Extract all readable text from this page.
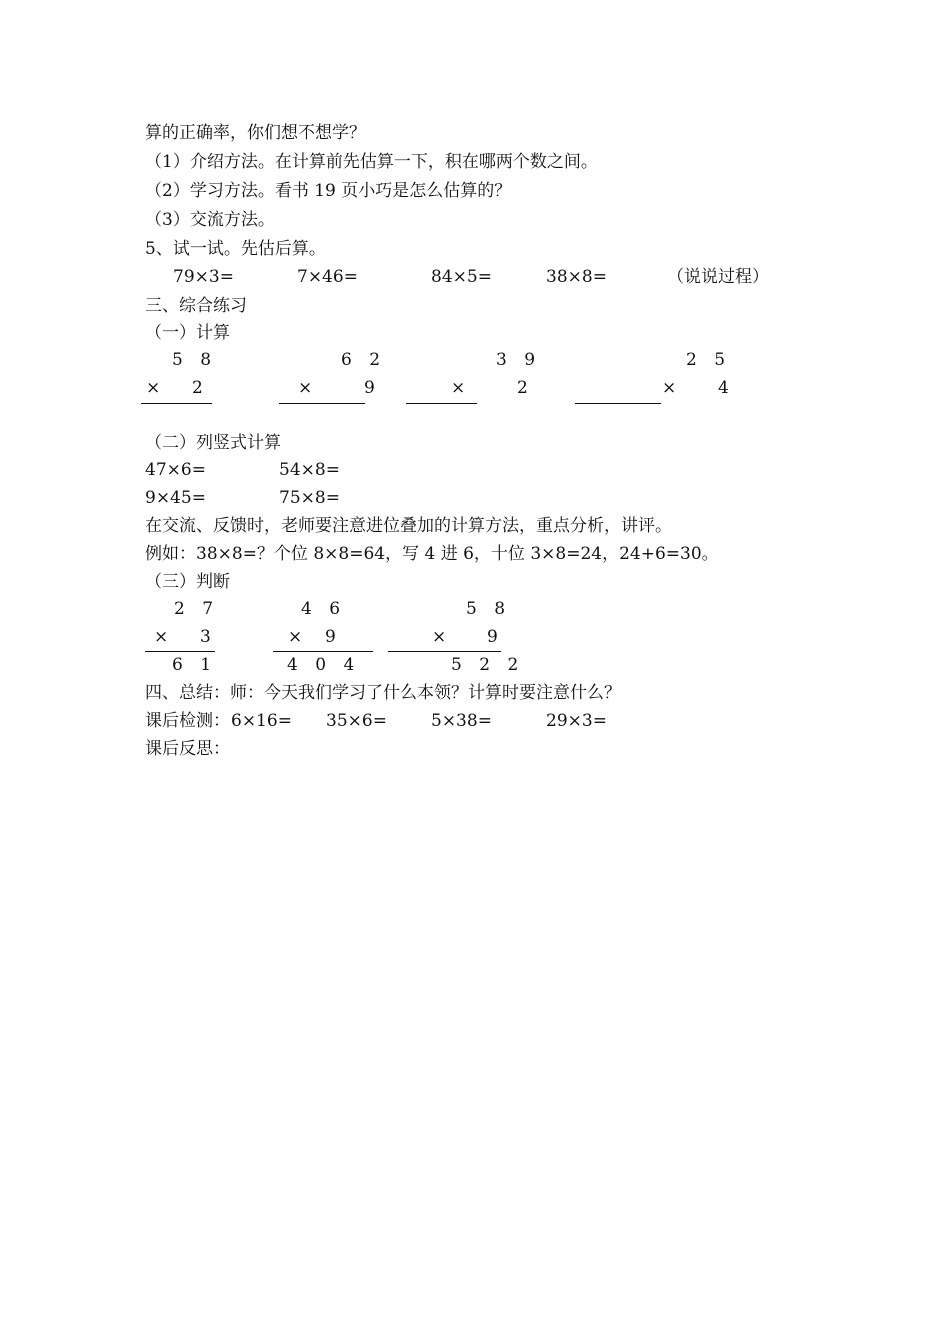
算的正确率，你们想不想学？
（1）介绍方法。在计算前先估算一下，积在哪两个数之间。
（2）学习方法。看书 19 页小巧是怎么估算的？
（3）交流方法。
5、试一试。先估后算。
79×3=	7×46=	84×5=	38×8=	（说说过程）
三、综合练习
（一）计算
5 8
× 2
6 2
×	9
3 9
×	2
2 5
× 4
（二）列竖式计算
47×6=	54×8=
9×45=	75×8=
在交流、反馈时，老师要注意进位叠加的计算方法，重点分析，讲评。
例如：38×8=？个位 8×8=64，写 4 进 6，十位 3×8=24，24+6=30。
（三）判断
2 7
× 3
6 1
4 6
× 9
4 0 4
5 8
× 9
5 2 2
四、总结：师：今天我们学习了什么本领？计算时要注意什么？
课后检测： 6×16= 35×6=	5×38=	29×3=
课后反思：
